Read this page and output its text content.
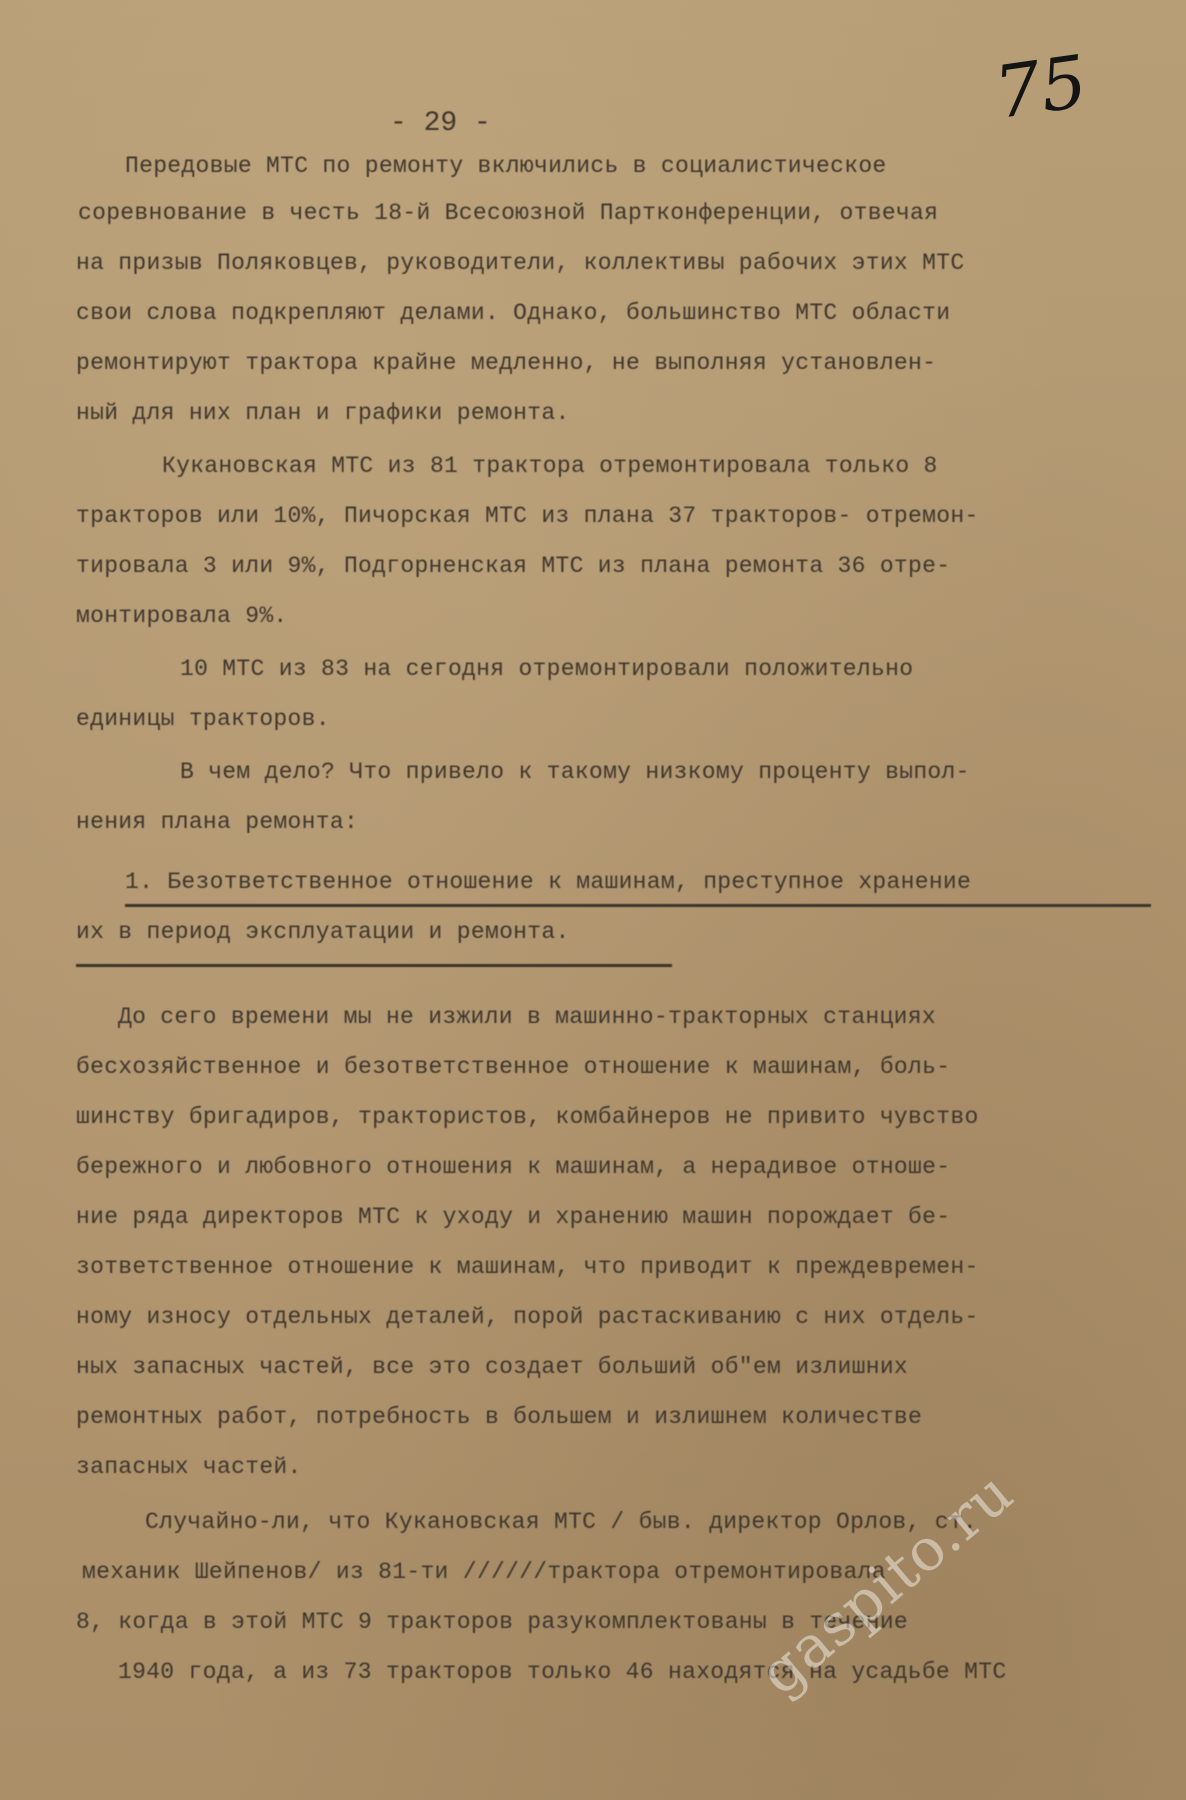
- 29 -	75
Передовые МТС по ремонту включились в социалистическое
соревнование в честь 18-й Всесоюзной Партконференции, отвечая
на призыв Поляковцев, руководители, коллективы рабочих этих МТС
свои слова подкрепляют делами. Однако, большинство МТС области
ремонтируют трактора крайне медленно, не выполняя установлен-
ный для них план и графики ремонта.
Кукановская МТС из 81 трактора отремонтировала только 8
тракторов или 10%, Пичорская МТС из плана 37 тракторов- отремон-
тировала 3 или 9%, Подгорненская МТС из плана ремонта 36 отре-
монтировала 9%.
10 МТС из 83 на сегодня отремонтировали положительно
единицы тракторов.
В чем дело? Что привело к такому низкому проценту выпол-
нения плана ремонта:
1. Безответственное отношение к машинам, преступное хранение
их в период эксплуатации и ремонта.
До сего времени мы не изжили в машинно-тракторных станциях
бесхозяйственное и безответственное отношение к машинам, боль-
шинству бригадиров, трактористов, комбайнеров не привито чувство
бережного и любовного отношения к машинам, а нерадивое отноше-
ние ряда директоров МТС к уходу и хранению машин порождает бе-
зответственное отношение к машинам, что приводит к преждевремен-
ному износу отдельных деталей, порой растаскиванию с них отдель-
ных запасных частей, все это создает больший об"ем излишних
ремонтных работ, потребность в большем и излишнем количестве
запасных частей.
Случайно-ли, что Кукановская МТС / быв. директор Орлов, ст.
механик Шейпенов/ из 81-ти //////трактора отремонтировала
8, когда в этой МТС 9 тракторов разукомплектованы в течение
1940 года, а из 73 тракторов только 46 находятся на усадьбе МТС
gaspito.ru
